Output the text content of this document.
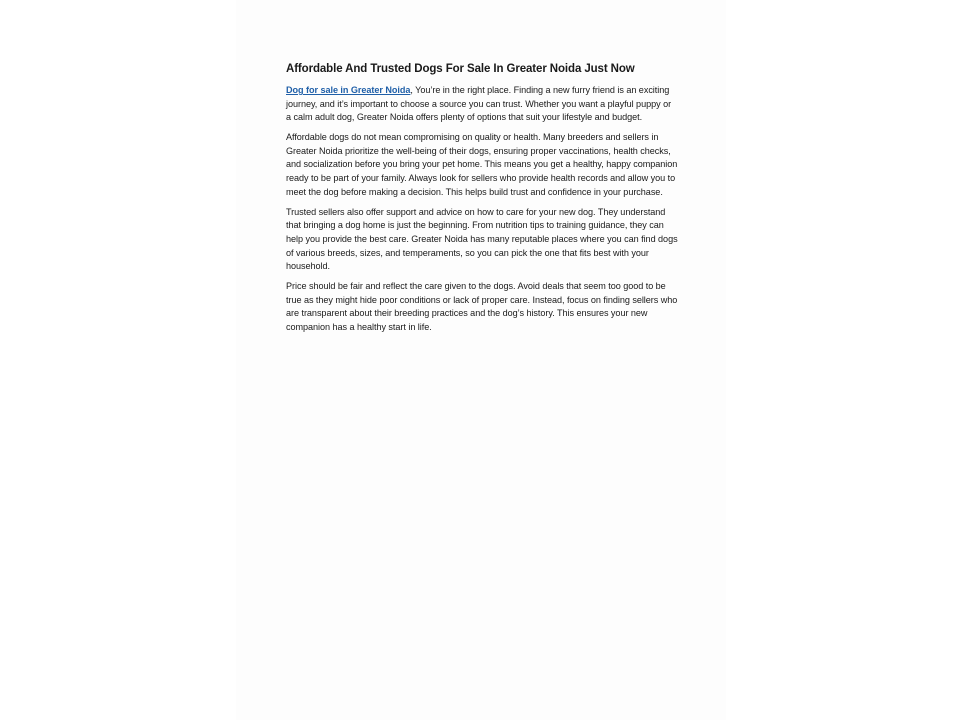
Affordable And Trusted Dogs For Sale In Greater Noida Just Now

Dog for sale in Greater Noida, You’re in the right place. Finding a new furry friend is an exciting journey, and it’s important to choose a source you can trust. Whether you want a playful puppy or a calm adult dog, Greater Noida offers plenty of options that suit your lifestyle and budget.

Affordable dogs do not mean compromising on quality or health. Many breeders and sellers in Greater Noida prioritize the well-being of their dogs, ensuring proper vaccinations, health checks, and socialization before you bring your pet home. This means you get a healthy, happy companion ready to be part of your family. Always look for sellers who provide health records and allow you to meet the dog before making a decision. This helps build trust and confidence in your purchase.

Trusted sellers also offer support and advice on how to care for your new dog. They understand that bringing a dog home is just the beginning. From nutrition tips to training guidance, they can help you provide the best care. Greater Noida has many reputable places where you can find dogs of various breeds, sizes, and temperaments, so you can pick the one that fits best with your household.

Price should be fair and reflect the care given to the dogs. Avoid deals that seem too good to be true as they might hide poor conditions or lack of proper care. Instead, focus on finding sellers who are transparent about their breeding practices and the dog’s history. This ensures your new companion has a healthy start in life.
